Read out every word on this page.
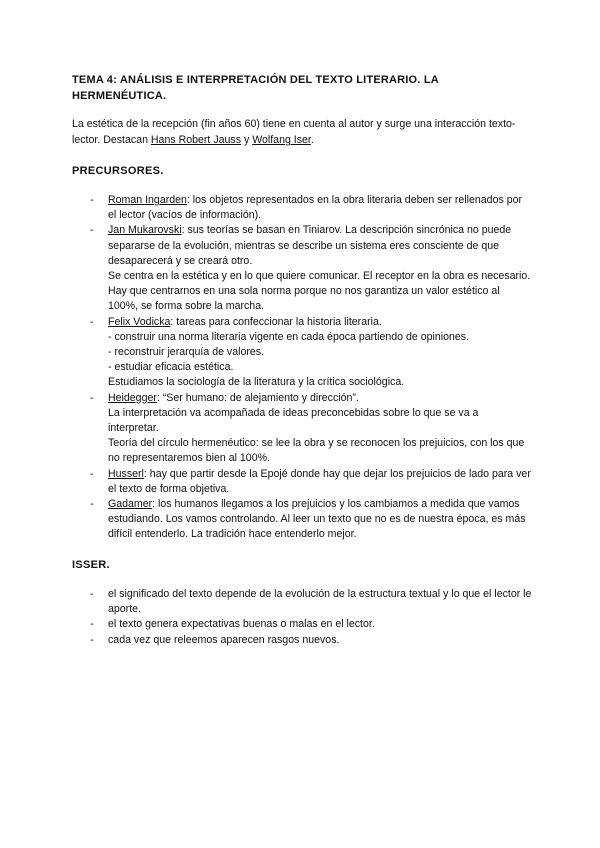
TEMA 4: ANÁLISIS E INTERPRETACIÓN DEL TEXTO LITERARIO. LA HERMENÉUTICA.
La estética de la recepción (fin años 60) tiene en cuenta al autor y surge una interacción texto-lector. Destacan Hans Robert Jauss y Wolfang Iser.
PRECURSORES.
- Roman Ingarden: los objetos representados en la obra literaria deben ser rellenados por el lector (vacíos de información).
- Jan Mukarovski: sus teorías se basan en Tiniarov. La descripción sincrónica no puede separarse de la evolución, mientras se describe un sistema eres consciente de que desaparecerá y se creará otro.
Se centra en la estética y en lo que quiere comunicar. El receptor en la obra es necesario. Hay que centrarnos en una sola norma porque no nos garantiza un valor estético al 100%, se forma sobre la marcha.
- Felix Vodicka: tareas para confeccionar la historia literaria.
- construir una norma literaria vigente en cada época partiendo de opiniones.
- reconstruir jerarquía de valores.
- estudiar eficacia estética.
Estudiamos la sociología de la literatura y la crítica sociológica.
- Heidegger: “Ser humano: de alejamiento y dirección”.
La interpretación va acompañada de ideas preconcebidas sobre lo que se va a interpretar.
Teoría del círculo hermenéutico: se lee la obra y se reconocen los prejuicios, con los que no representaremos bien al 100%.
- Husserl: hay que partir desde la Epojé donde hay que dejar los prejuicios de lado para ver el texto de forma objetiva.
- Gadamer: los humanos llegamos a los prejuicios y los cambiamos a medida que vamos estudiando. Los vamos controlando. Al leer un texto que no es de nuestra época, es más difícil entenderlo. La tradición hace entenderlo mejor.
ISSER.
- el significado del texto depende de la evolución de la estructura textual y lo que el lector le aporte.
- el texto genera expectativas buenas o malas en el lector.
- cada vez que releemos aparecen rasgos nuevos.
